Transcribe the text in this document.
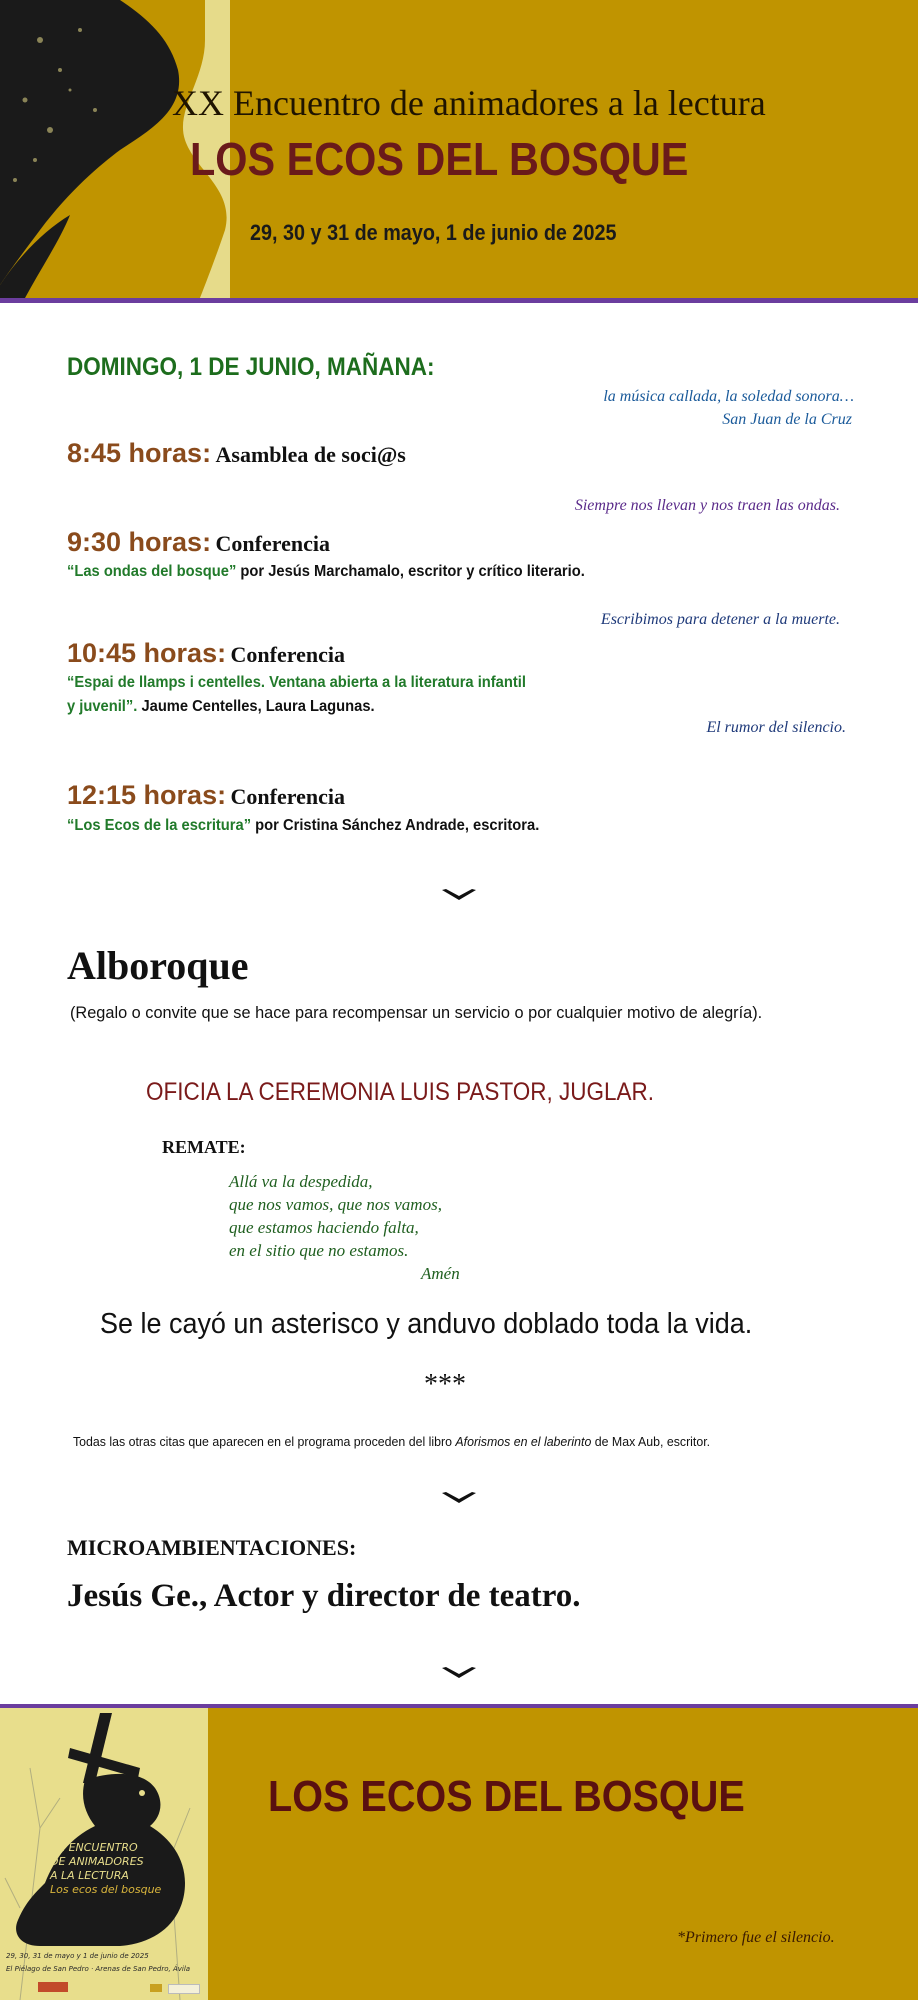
XX Encuentro de animadores a la lectura
LOS ECOS DEL BOSQUE
29, 30 y 31 de mayo, 1 de junio de 2025
DOMINGO, 1 DE JUNIO, MAÑANA:
la música callada, la soledad sonora…
San Juan de la Cruz
8:45 horas: Asamblea de soci@s
Siempre nos llevan y nos traen las ondas.
9:30 horas: Conferencia
“Las ondas del bosque” por Jesús Marchamalo, escritor y crítico literario.
Escribimos para detener a la muerte.
10:45 horas: Conferencia
“Espai de llamps i centelles. Ventana abierta a la literatura infantil
y juvenil”. Jaume Centelles, Laura Lagunas.
El rumor del silencio.
12:15 horas: Conferencia
“Los Ecos de la escritura” por Cristina Sánchez Andrade, escritora.
Alboroque
(Regalo o convite que se hace para recompensar un servicio o por cualquier motivo de alegría).
OFICIA LA CEREMONIA LUIS PASTOR, JUGLAR.
REMATE:
Allá va la despedida,
que nos vamos, que nos vamos,
que estamos haciendo falta,
en el sitio que no estamos.
Amén
Se le cayó un asterisco y anduvo doblado toda la vida.
***
Todas las otras citas que aparecen en el programa proceden del libro Aforismos en el laberinto de Max Aub, escritor.
MICROAMBIENTACIONES:
Jesús Ge., Actor y director de teatro.
XX ENCUENTRO
DE ANIMADORES
A LA LECTURA
Los ecos del bosque
29, 30, 31 de mayo y 1 de junio de 2025
El Piélago de San Pedro · Arenas de San Pedro, Ávila
LOS ECOS DEL BOSQUE
*Primero fue el silencio.
